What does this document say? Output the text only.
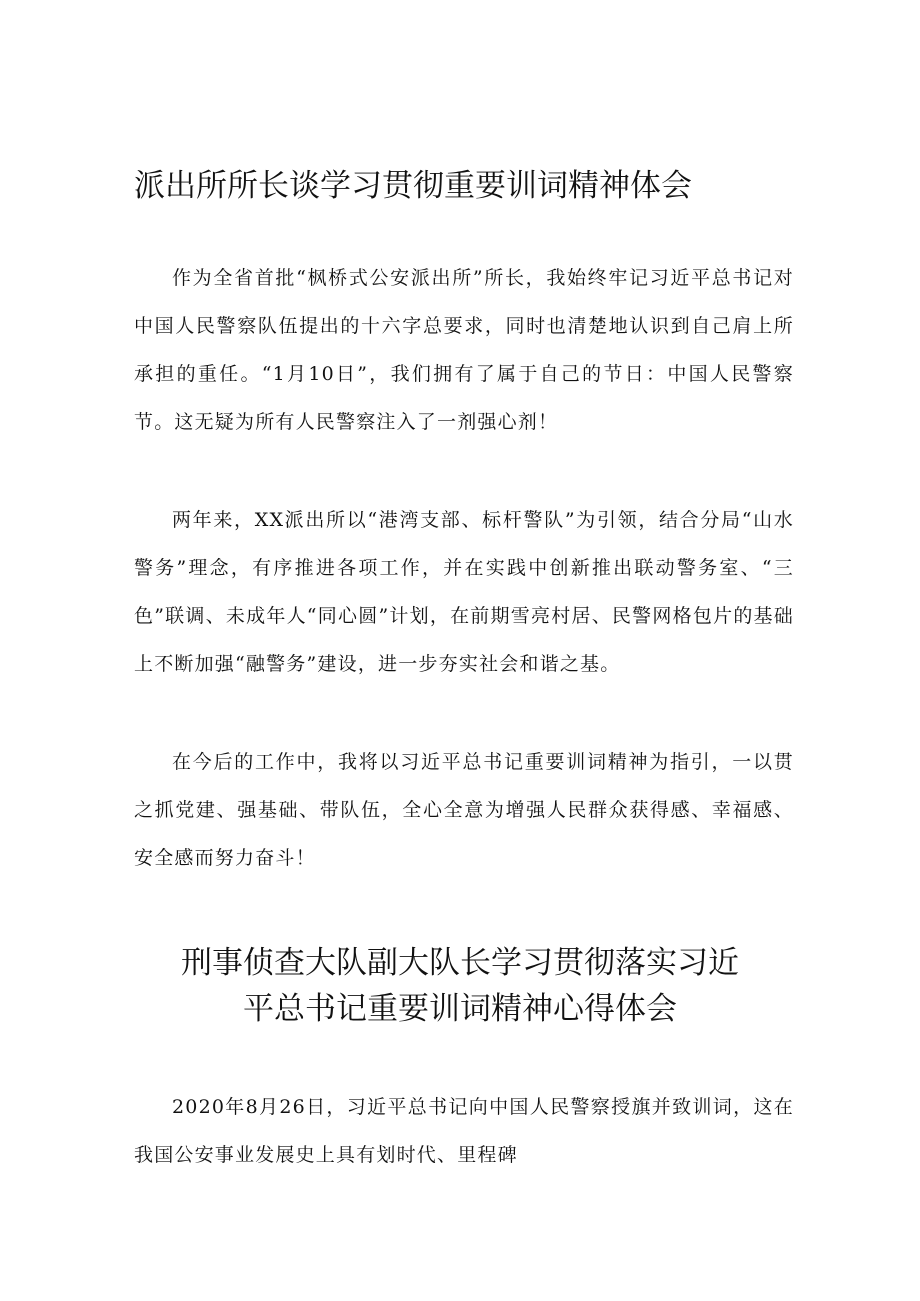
派出所所长谈学习贯彻重要训词精神体会

作为全省首批“枫桥式公安派出所”所长，我始终牢记习近平总书记对中国人民警察队伍提出的十六字总要求，同时也清楚地认识到自己肩上所承担的重任。“1月10日”，我们拥有了属于自己的节日：中国人民警察节。这无疑为所有人民警察注入了一剂强心剂！

两年来，XX派出所以“港湾支部、标杆警队”为引领，结合分局“山水警务”理念，有序推进各项工作，并在实践中创新推出联动警务室、“三色”联调、未成年人“同心圆”计划，在前期雪亮村居、民警网格包片的基础上不断加强“融警务”建设，进一步夯实社会和谐之基。

在今后的工作中，我将以习近平总书记重要训词精神为指引，一以贯之抓党建、强基础、带队伍，全心全意为增强人民群众获得感、幸福感、安全感而努力奋斗！

刑事侦查大队副大队长学习贯彻落实习近
平总书记重要训词精神心得体会

2020年8月26日，习近平总书记向中国人民警察授旗并致训词，这在我国公安事业发展史上具有划时代、里程碑
